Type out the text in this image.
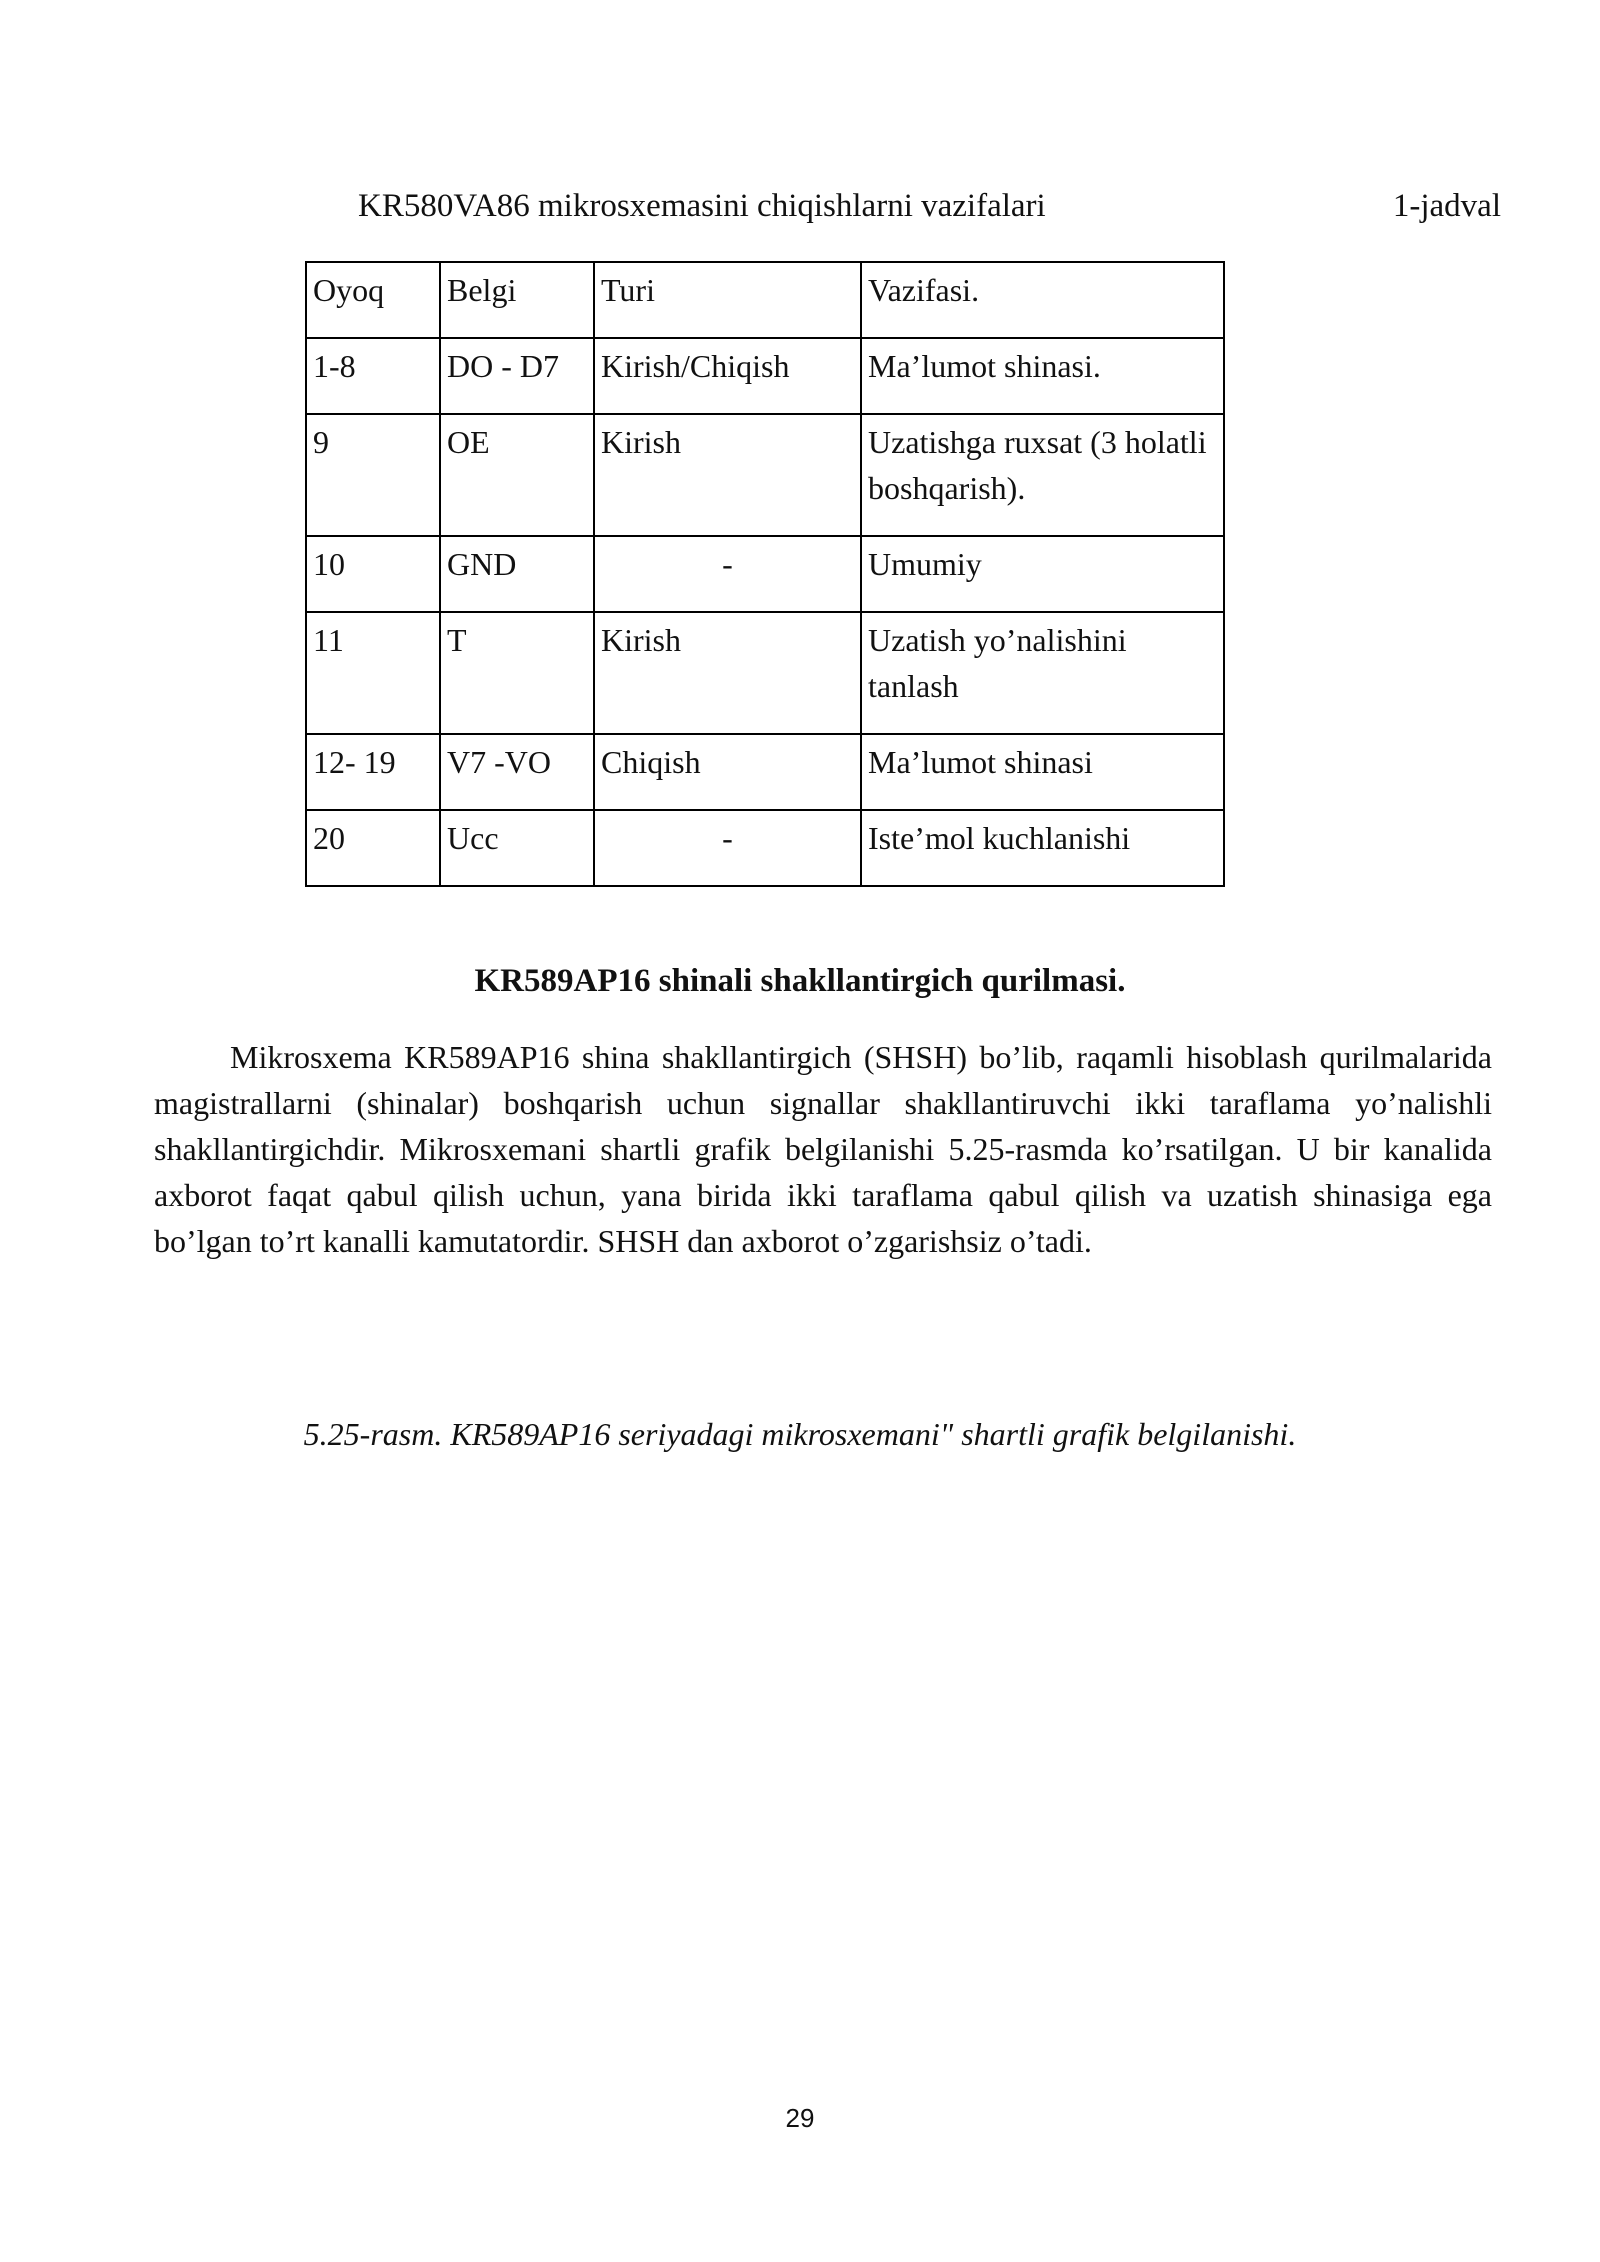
KR580VA86 mikrosxemasini chiqishlarni vazifalari	1-jadval
Oyoq	Belgi	Turi	Vazifasi.
1-8	DO - D7	Kirish/Chiqish	Ma’lumot shinasi.
9	OE	Kirish	Uzatishga ruxsat (3 holatli boshqarish).
10	GND	-	Umumiy
11	T	Kirish	Uzatish yo’nalishini tanlash
12- 19	V7 -VO	Chiqish	Ma’lumot shinasi
20	Ucc	-	Iste’mol kuchlanishi
KR589AP16 shinali shakllantirgich qurilmasi.
Mikrosxema KR589AP16 shina shakllantirgich (SHSH) bo’lib, raqamli hisoblash qurilmalarida magistrallarni (shinalar) boshqarish uchun signallar shakllantiruvchi ikki taraflama yo’nalishli shakllantirgichdir. Mikrosxemani shartli grafik belgilanishi 5.25-rasmda ko’rsatilgan. U bir kanalida axborot faqat qabul qilish uchun, yana birida ikki taraflama qabul qilish va uzatish shinasiga ega bo’lgan to’rt kanalli kamutatordir. SHSH dan axborot o’zgarishsiz o’tadi.
5.25-rasm. KR589AP16 seriyadagi mikrosxemani" shartli grafik belgilanishi.
29
